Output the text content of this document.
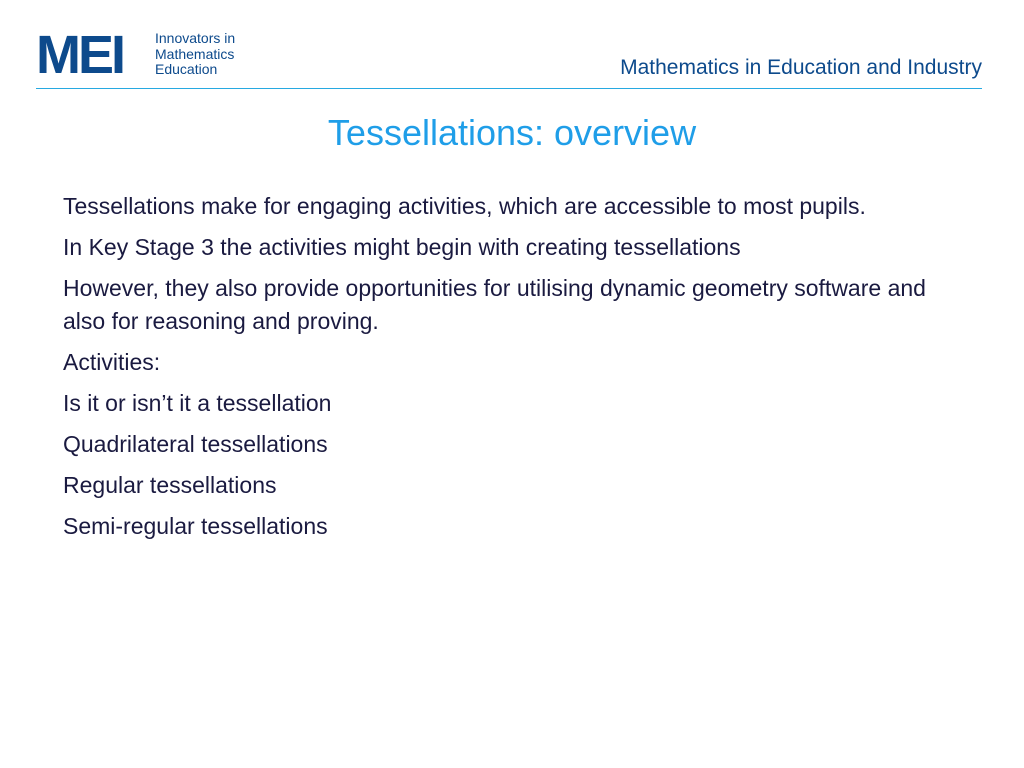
MEI Innovators in
Mathematics
Education	Mathematics in Education and Industry
Tessellations: overview
Tessellations make for engaging activities, which are accessible to most pupils.
In Key Stage 3 the activities might begin with creating tessellations
However, they also provide opportunities for utilising dynamic geometry software and also for reasoning and proving.
Activities:
Is it or isn’t it a tessellation
Quadrilateral tessellations
Regular tessellations
Semi-regular tessellations
